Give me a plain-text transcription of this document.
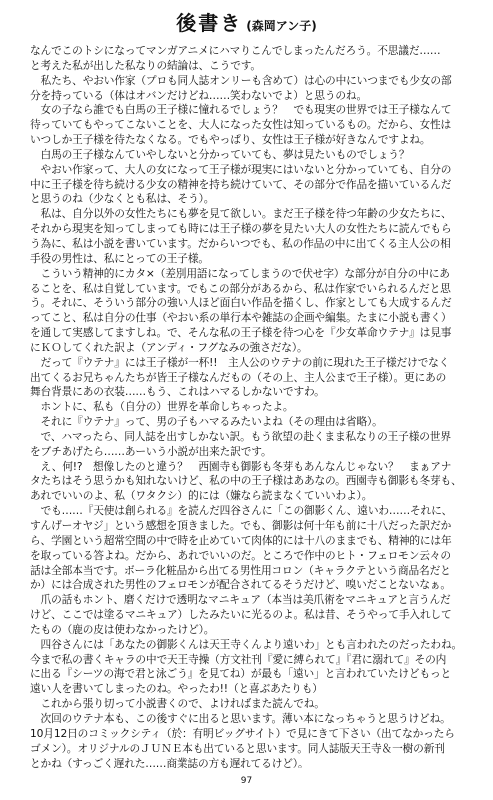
後書き (森岡アン子)
なんでこのトシになってマンガアニメにハマりこんでしまったんだろう。不思議だ……
と考えた私が出した私なりの結論は、こうです。
　私たち、やおい作家（プロも同人誌オンリーも含めて）は心の中にいつまでも少女の部
分を持っている（体はオバンだけどね……笑わないでよ）と思うのね。
　女の子なら誰でも白馬の王子様に憧れるでしょう？　でも現実の世界では王子様なんて
待っていてもやってこないことを、大人になった女性は知っているもの。だから、女性は
いつしか王子様を待たなくなる。でもやっぱり、女性は王子様が好きなんですよね。
　白馬の王子様なんていやしないと分かっていても、夢は見たいものでしょう？
　やおい作家って、大人の女になって王子様が現実にはいないと分かっていても、自分の
中に王子様を待ち続ける少女の精神を持ち続けていて、その部分で作品を描いているんだ
と思うのね（少なくとも私は、そう）。
　私は、自分以外の女性たちにも夢を見て欲しい。まだ王子様を待つ年齢の少女たちに、
それから現実を知ってしまっても時には王子様の夢を見たい大人の女性たちに読んでもら
う為に、私は小説を書いています。だからいつでも、私の作品の中に出てくる主人公の相
手役の男性は、私にとっての王子様。
　こういう精神的にカタ×（差別用語になってしまうので伏せ字）な部分が自分の中にあ
ることを、私は自覚しています。でもこの部分があるから、私は作家でいられるんだと思
う。それに、そういう部分の強い人ほど面白い作品を描くし、作家としても大成するんだ
ってこと、私は自分の仕事（やおい系の単行本や雑誌の企画や編集。たまに小説も書く）
を通して実感してますしね。で、そんな私の王子様を待つ心を『少女革命ウテナ』は見事
にＫＯしてくれた訳よ（アンディ・フグなみの強さだな）。
　だって『ウテナ』には王子様が一杯!!　主人公のウテナの前に現れた王子様だけでなく
出てくるお兄ちゃんたちが皆王子様なんだもの（その上、主人公まで王子様）。更にあの
舞台背景にあの衣装……もう、これはハマるしかないですわ。
　ホントに、私も（自分の）世界を革命しちゃったよ。
　それに『ウテナ』って、男の子もハマるみたいよね（その理由は省略）。
　で、ハマったら、同人誌を出すしかない訳。もう欲望の赴くまま私なりの王子様の世界
をブチあげたら……あーいう小説が出来た訳です。
　え、何!?　想像したのと違う？　西園寺も御影も冬芽もあんなんじゃない？　まぁアナ
タたちはそう思うかも知れないけど、私の中の王子様はああなの。西園寺も御影も冬芽も、
あれでいいのよ、私（ワタクシ）的には（嫌なら読まなくていいわよ）。
　でも……『天使は創られる』を読んだ四谷さんに「この御影くん、遠いわ……それに、
すんげーオヤジ」という感想を頂きました。でも、御影は何十年も前に十八だった訳だか
ら、学園という超常空間の中で時を止めていて肉体的には十八のままでも、精神的には年
を取っている答よね。だから、あれでいいのだ。ところで作中のヒト・フェロモン云々の
話は全部本当です。ボーラ化粧品から出てる男性用コロン（キャラクテという商品名だと
か）には合成された男性のフェロモンが配合されてるそうだけど、嗅いだことないなぁ。
　爪の話もホント、磨くだけで透明なマニキュア（本当は美爪術をマニキュアと言うんだ
けど、ここでは塗るマニキュア）したみたいに光るのよ。私は昔、そうやって手入れして
たもの（鹿の皮は使わなかったけど）。
　四谷さんには「あなたの御影くんは天王寺くんより遠いわ」とも言われたのだったわね。
今まで私の書くキャラの中で天王寺操（方文社刊『愛に縛られて』『君に溺れて』その内
に出る『シーツの海で君と泳ごう』を見てね）が最も「遠い」と言われていたけどもっと
遠い人を書いてしまったのね。やったわ!!（と喜ぶあたりも）
　これから張り切って小説書くので、よければまた読んでね。
　次回のウテナ本も、この後すぐに出ると思います。薄い本になっちゃうと思うけどね。
10月12日のコミックシティ（於：有明ビッグサイト）で見にきて下さい（出てなかったら
ゴメン）。オリジナルのＪＵＮＥ本も出ていると思います。同人誌版天王寺＆一樹の新刊
とかね（すっごく遅れた……商業誌の方も遅れてるけど）。
97
